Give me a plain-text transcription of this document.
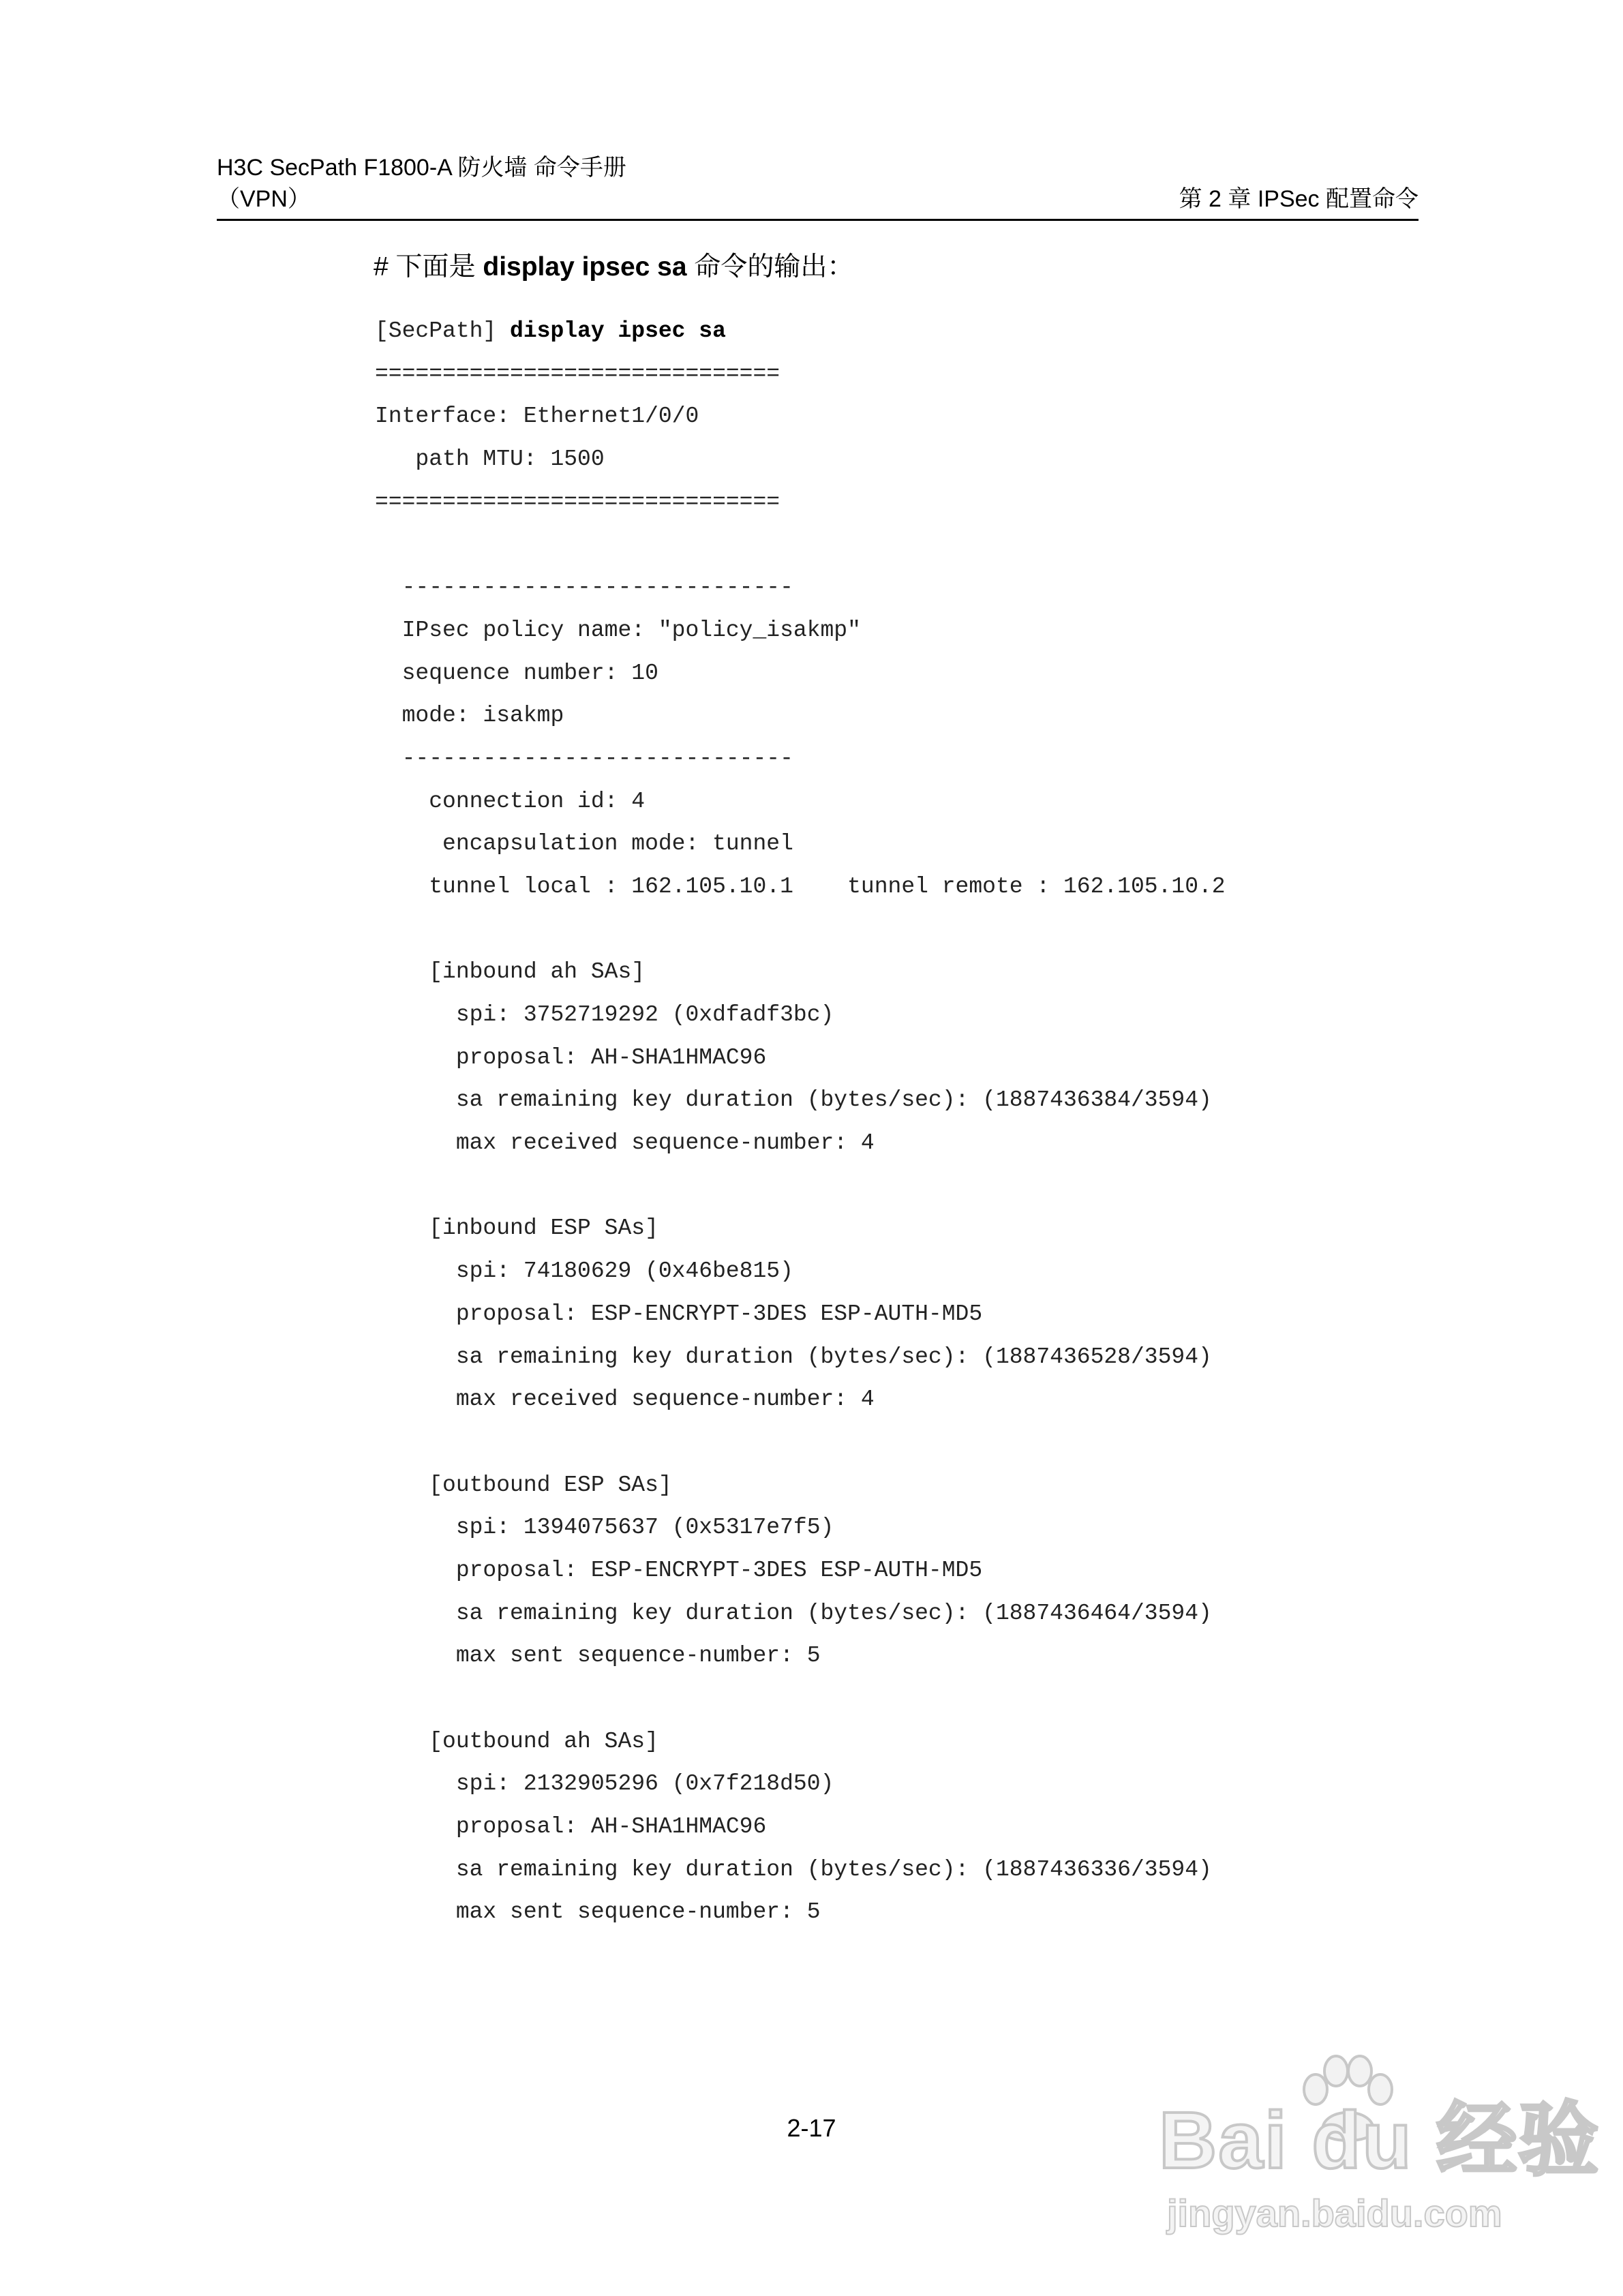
H3C SecPath F1800-A 防火墙 命令手册
（VPN）	第 2 章 IPSec 配置命令
# 下面是 display ipsec sa 命令的输出：
[SecPath] display ipsec sa
==============================
Interface: Ethernet1/0/0
path MTU: 1500
==============================
-----------------------------
IPsec policy name: "policy_isakmp"
sequence number: 10
mode: isakmp
-----------------------------
connection id: 4
encapsulation mode: tunnel
tunnel local : 162.105.10.1    tunnel remote : 162.105.10.2
[inbound ah SAs]
spi: 3752719292 (0xdfadf3bc)
proposal: AH-SHA1HMAC96
sa remaining key duration (bytes/sec): (1887436384/3594)
max received sequence-number: 4
[inbound ESP SAs]
spi: 74180629 (0x46be815)
proposal: ESP-ENCRYPT-3DES ESP-AUTH-MD5
sa remaining key duration (bytes/sec): (1887436528/3594)
max received sequence-number: 4
[outbound ESP SAs]
spi: 1394075637 (0x5317e7f5)
proposal: ESP-ENCRYPT-3DES ESP-AUTH-MD5
sa remaining key duration (bytes/sec): (1887436464/3594)
max sent sequence-number: 5
[outbound ah SAs]
spi: 2132905296 (0x7f218d50)
proposal: AH-SHA1HMAC96
sa remaining key duration (bytes/sec): (1887436336/3594)
max sent sequence-number: 5
2-17	Bai du 经验
jingyan.baidu.com
